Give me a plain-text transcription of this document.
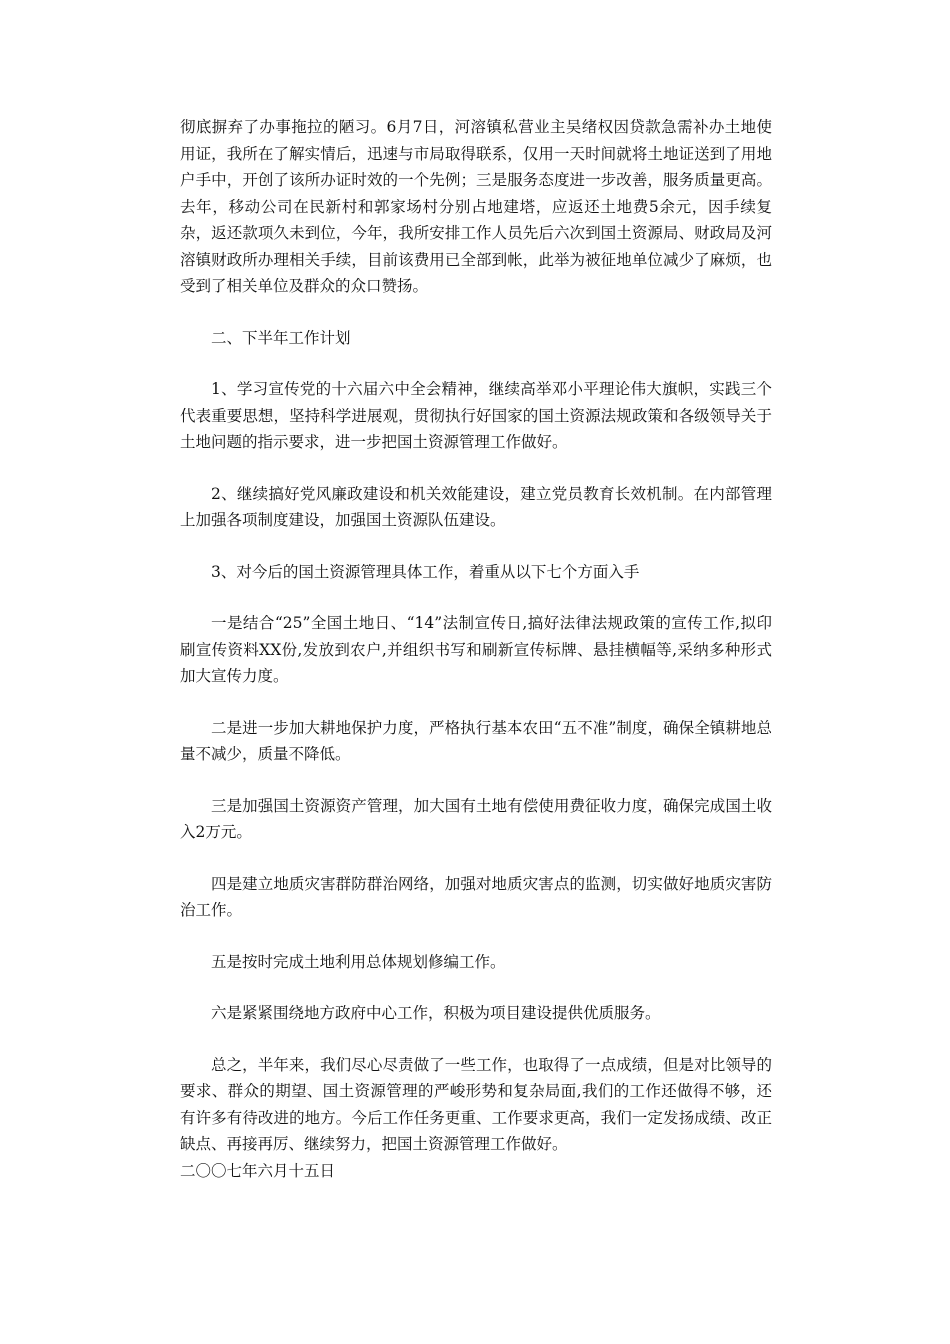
彻底摒弃了办事拖拉的陋习。6月7日，河溶镇私营业主吴绪权因贷款急需补办土地使用证，我所在了解实情后，迅速与市局取得联系，仅用一天时间就将土地证送到了用地户手中，开创了该所办证时效的一个先例；三是服务态度进一步改善，服务质量更高。去年，移动公司在民新村和郭家场村分别占地建塔，应返还土地费5余元，因手续复杂，返还款项久未到位，今年，我所安排工作人员先后六次到国土资源局、财政局及河溶镇财政所办理相关手续，目前该费用已全部到帐，此举为被征地单位减少了麻烦，也受到了相关单位及群众的众口赞扬。

二、下半年工作计划

1、学习宣传党的十六届六中全会精神，继续高举邓小平理论伟大旗帜，实践三个代表重要思想，坚持科学进展观，贯彻执行好国家的国土资源法规政策和各级领导关于土地问题的指示要求，进一步把国土资源管理工作做好。

2、继续搞好党风廉政建设和机关效能建设，建立党员教育长效机制。在内部管理上加强各项制度建设，加强国土资源队伍建设。

3、对今后的国土资源管理具体工作，着重从以下七个方面入手

一是结合“25”全国土地日、“14”法制宣传日,搞好法律法规政策的宣传工作,拟印刷宣传资料XX份,发放到农户,并组织书写和刷新宣传标牌、悬挂横幅等,采纳多种形式加大宣传力度。

二是进一步加大耕地保护力度，严格执行基本农田“五不准”制度，确保全镇耕地总量不减少，质量不降低。

三是加强国土资源资产管理，加大国有土地有偿使用费征收力度，确保完成国土收入2万元。

四是建立地质灾害群防群治网络，加强对地质灾害点的监测，切实做好地质灾害防治工作。

五是按时完成土地利用总体规划修编工作。

六是紧紧围绕地方政府中心工作，积极为项目建设提供优质服务。

总之，半年来，我们尽心尽责做了一些工作，也取得了一点成绩，但是对比领导的要求、群众的期望、国土资源管理的严峻形势和复杂局面,我们的工作还做得不够，还有许多有待改进的地方。今后工作任务更重、工作要求更高，我们一定发扬成绩、改正缺点、再接再厉、继续努力，把国土资源管理工作做好。

二〇〇七年六月十五日
